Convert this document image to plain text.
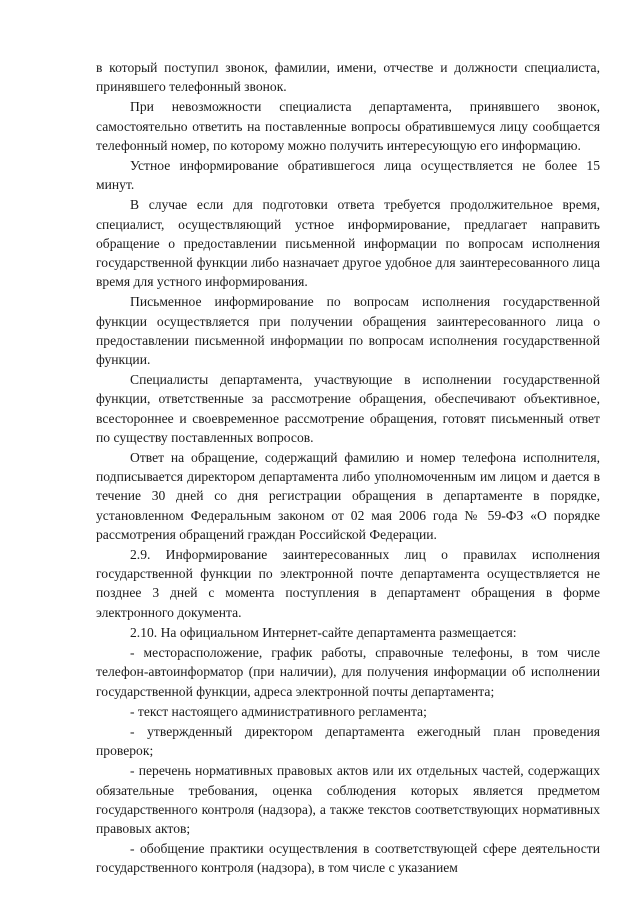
в который поступил звонок, фамилии, имени, отчестве и должности специалиста, принявшего телефонный звонок.

При невозможности специалиста департамента, принявшего звонок, самостоятельно ответить на поставленные вопросы обратившемуся лицу сообщается телефонный номер, по которому можно получить интересующую его информацию.

Устное информирование обратившегося лица осуществляется не более 15 минут.

В случае если для подготовки ответа требуется продолжительное время, специалист, осуществляющий устное информирование, предлагает направить обращение о предоставлении письменной информации по вопросам исполнения государственной функции либо назначает другое удобное для заинтересованного лица время для устного информирования.

Письменное информирование по вопросам исполнения государственной функции осуществляется при получении обращения заинтересованного лица о предоставлении письменной информации по вопросам исполнения государственной функции.

Специалисты департамента, участвующие в исполнении государственной функции, ответственные за рассмотрение обращения, обеспечивают объективное, всестороннее и своевременное рассмотрение обращения, готовят письменный ответ по существу поставленных вопросов.

Ответ на обращение, содержащий фамилию и номер телефона исполнителя, подписывается директором департамента либо уполномоченным им лицом и дается в течение 30 дней со дня регистрации обращения в департаменте в порядке, установленном Федеральным законом от 02 мая 2006 года № 59-ФЗ «О порядке рассмотрения обращений граждан Российской Федерации.

2.9. Информирование заинтересованных лиц о правилах исполнения государственной функции по электронной почте департамента осуществляется не позднее 3 дней с момента поступления в департамент обращения в форме электронного документа.

2.10. На официальном Интернет-сайте департамента размещается:

- месторасположение, график работы, справочные телефоны, в том числе телефон-автоинформатор (при наличии), для получения информации об исполнении государственной функции, адреса электронной почты департамента;

- текст настоящего административного регламента;

- утвержденный директором департамента ежегодный план проведения проверок;

- перечень нормативных правовых актов или их отдельных частей, содержащих обязательные требования, оценка соблюдения которых является предметом государственного контроля (надзора), а также текстов соответствующих нормативных правовых актов;

- обобщение практики осуществления в соответствующей сфере деятельности государственного контроля (надзора), в том числе с указанием
